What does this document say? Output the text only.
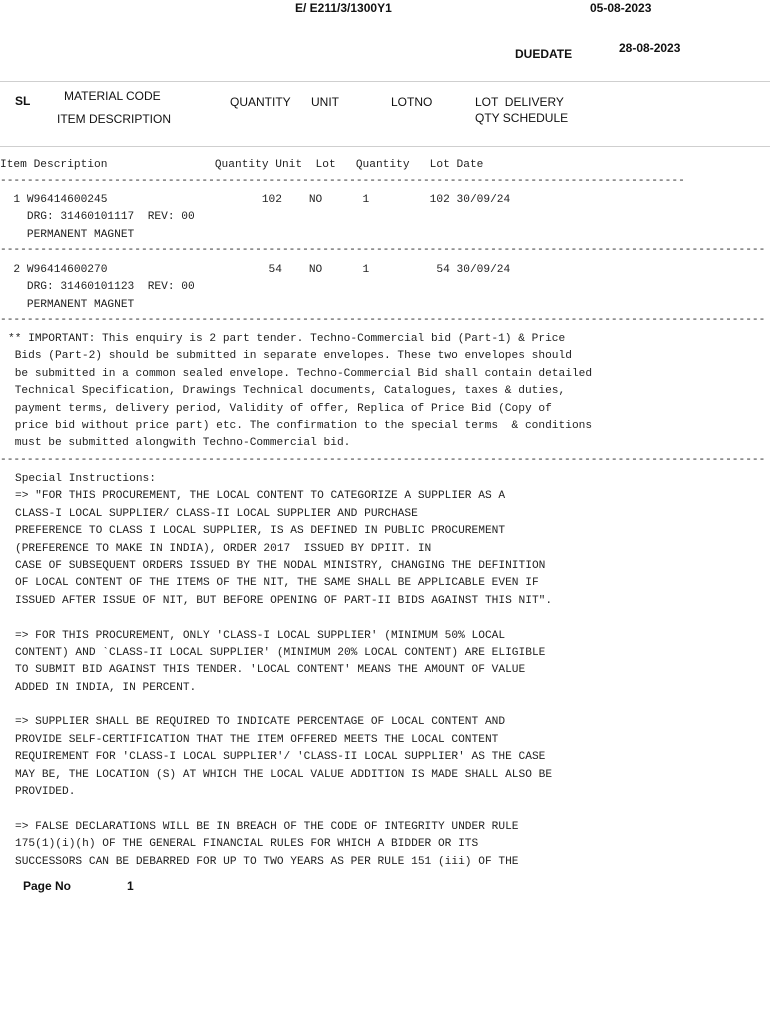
E/ E211/3/1300Y1	05-08-2023
DUEDATE	28-08-2023
SL	MATERIAL CODE
ITEM DESCRIPTION
QUANTITY UNIT	LOTNO	LOT  DELIVERY
QTY SCHEDULE
Item Description                Quantity Unit  Lot   Quantity   Lot Date
------------------------------------------------------------------------------------------------------
1 W96414600245                       102    NO      1         102 30/09/24
DRG: 31460101117  REV: 00
PERMANENT MAGNET
------------------------------------------------------------------------------------------------------------------
2 W96414600270                        54    NO      1          54 30/09/24
DRG: 31460101123  REV: 00
PERMANENT MAGNET
------------------------------------------------------------------------------------------------------------------
** IMPORTANT: This enquiry is 2 part tender. Techno-Commercial bid (Part-1) & Price
Bids (Part-2) should be submitted in separate envelopes. These two envelopes should
be submitted in a common sealed envelope. Techno-Commercial Bid shall contain detailed
Technical Specification, Drawings Technical documents, Catalogues, taxes & duties,
payment terms, delivery period, Validity of offer, Replica of Price Bid (Copy of
price bid without price part) etc. The confirmation to the special terms  & conditions
must be submitted alongwith Techno-Commercial bid.
------------------------------------------------------------------------------------------------------------------
Special Instructions:
=> "FOR THIS PROCUREMENT, THE LOCAL CONTENT TO CATEGORIZE A SUPPLIER AS A
CLASS-I LOCAL SUPPLIER/ CLASS-II LOCAL SUPPLIER AND PURCHASE
PREFERENCE TO CLASS I LOCAL SUPPLIER, IS AS DEFINED IN PUBLIC PROCUREMENT
(PREFERENCE TO MAKE IN INDIA), ORDER 2017  ISSUED BY DPIIT. IN
CASE OF SUBSEQUENT ORDERS ISSUED BY THE NODAL MINISTRY, CHANGING THE DEFINITION
OF LOCAL CONTENT OF THE ITEMS OF THE NIT, THE SAME SHALL BE APPLICABLE EVEN IF
ISSUED AFTER ISSUE OF NIT, BUT BEFORE OPENING OF PART-II BIDS AGAINST THIS NIT".
=> FOR THIS PROCUREMENT, ONLY 'CLASS-I LOCAL SUPPLIER' (MINIMUM 50% LOCAL
CONTENT) AND `CLASS-II LOCAL SUPPLIER' (MINIMUM 20% LOCAL CONTENT) ARE ELIGIBLE
TO SUBMIT BID AGAINST THIS TENDER. 'LOCAL CONTENT' MEANS THE AMOUNT OF VALUE
ADDED IN INDIA, IN PERCENT.
=> SUPPLIER SHALL BE REQUIRED TO INDICATE PERCENTAGE OF LOCAL CONTENT AND
PROVIDE SELF-CERTIFICATION THAT THE ITEM OFFERED MEETS THE LOCAL CONTENT
REQUIREMENT FOR 'CLASS-I LOCAL SUPPLIER'/ 'CLASS-II LOCAL SUPPLIER' AS THE CASE
MAY BE, THE LOCATION (S) AT WHICH THE LOCAL VALUE ADDITION IS MADE SHALL ALSO BE
PROVIDED.
=> FALSE DECLARATIONS WILL BE IN BREACH OF THE CODE OF INTEGRITY UNDER RULE
175(1)(i)(h) OF THE GENERAL FINANCIAL RULES FOR WHICH A BIDDER OR ITS
SUCCESSORS CAN BE DEBARRED FOR UP TO TWO YEARS AS PER RULE 151 (iii) OF THE
Page No	1
